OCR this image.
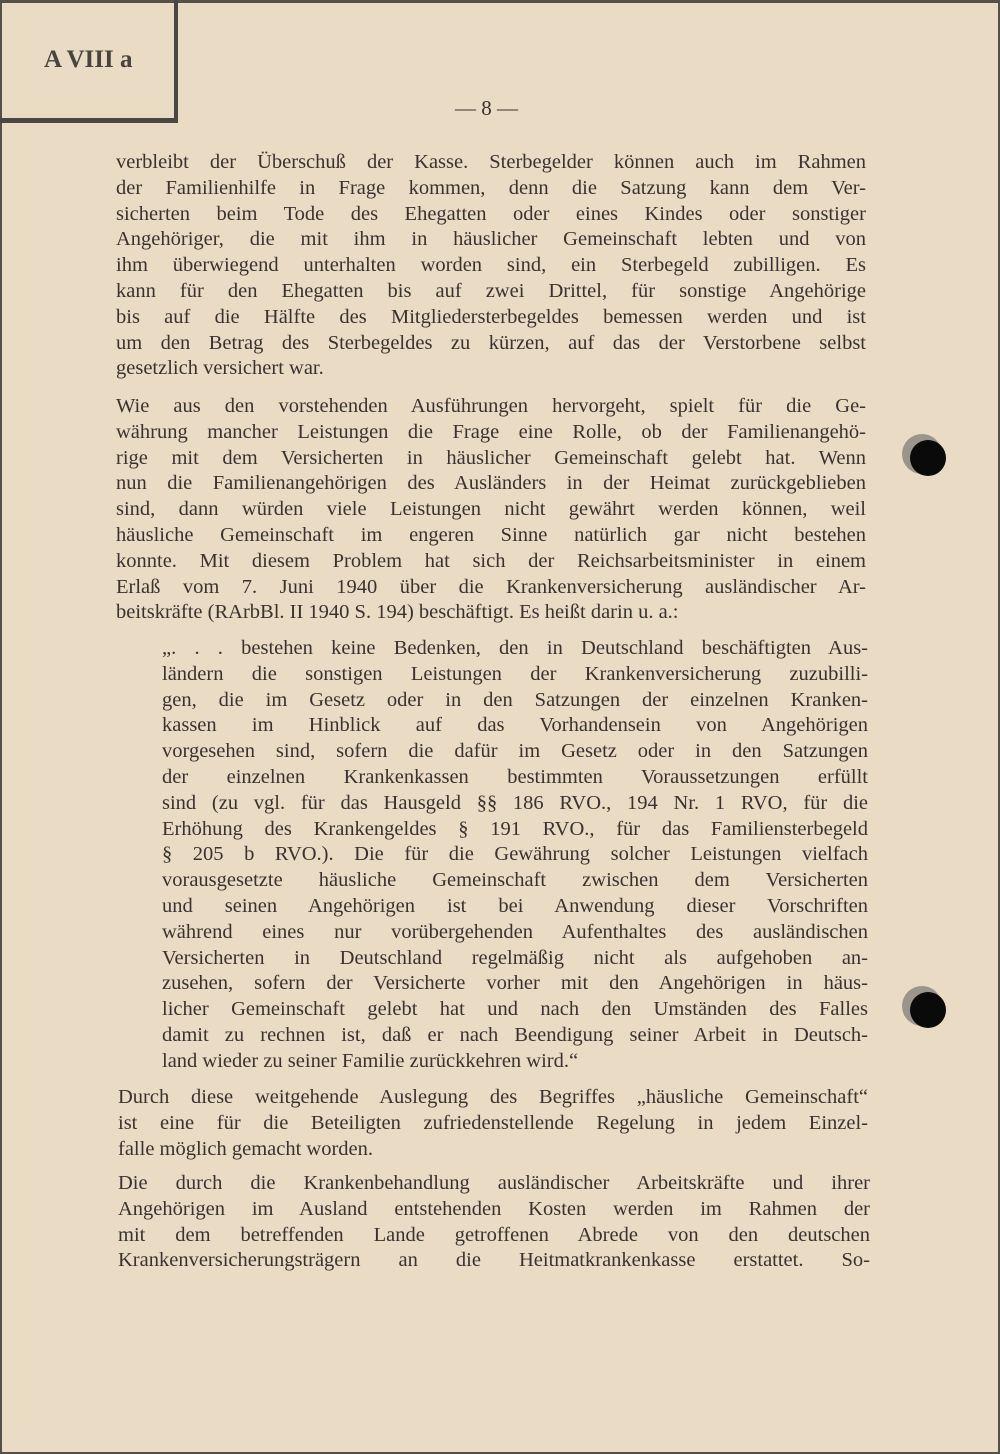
A VIII a
— 8 —
verbleibt der Überschuß der Kasse. Sterbegelder können auch im Rahmen
der Familienhilfe in Frage kommen, denn die Satzung kann dem Ver-
sicherten beim Tode des Ehegatten oder eines Kindes oder sonstiger
Angehöriger, die mit ihm in häuslicher Gemeinschaft lebten und von
ihm überwiegend unterhalten worden sind, ein Sterbegeld zubilligen. Es
kann für den Ehegatten bis auf zwei Drittel, für sonstige Angehörige
bis auf die Hälfte des Mitgliedersterbegeldes bemessen werden und ist
um den Betrag des Sterbegeldes zu kürzen, auf das der Verstorbene selbst
gesetzlich versichert war.
Wie aus den vorstehenden Ausführungen hervorgeht, spielt für die Ge-
währung mancher Leistungen die Frage eine Rolle, ob der Familienangehö-
rige mit dem Versicherten in häuslicher Gemeinschaft gelebt hat. Wenn
nun die Familienangehörigen des Ausländers in der Heimat zurückgeblieben
sind, dann würden viele Leistungen nicht gewährt werden können, weil
häusliche Gemeinschaft im engeren Sinne natürlich gar nicht bestehen
konnte. Mit diesem Problem hat sich der Reichsarbeitsminister in einem
Erlaß vom 7. Juni 1940 über die Krankenversicherung ausländischer Ar-
beitskräfte (RArbBl. II 1940 S. 194) beschäftigt. Es heißt darin u. a.:
„. . . bestehen keine Bedenken, den in Deutschland beschäftigten Aus-
ländern die sonstigen Leistungen der Krankenversicherung zuzubilli-
gen, die im Gesetz oder in den Satzungen der einzelnen Kranken-
kassen im Hinblick auf das Vorhandensein von Angehörigen
vorgesehen sind, sofern die dafür im Gesetz oder in den Satzungen
der einzelnen Krankenkassen bestimmten Voraussetzungen erfüllt
sind (zu vgl. für das Hausgeld §§ 186 RVO., 194 Nr. 1 RVO, für die
Erhöhung des Krankengeldes § 191 RVO., für das Familiensterbegeld
§ 205 b RVO.). Die für die Gewährung solcher Leistungen vielfach
vorausgesetzte häusliche Gemeinschaft zwischen dem Versicherten
und seinen Angehörigen ist bei Anwendung dieser Vorschriften
während eines nur vorübergehenden Aufenthaltes des ausländischen
Versicherten in Deutschland regelmäßig nicht als aufgehoben an-
zusehen, sofern der Versicherte vorher mit den Angehörigen in häus-
licher Gemeinschaft gelebt hat und nach den Umständen des Falles
damit zu rechnen ist, daß er nach Beendigung seiner Arbeit in Deutsch-
land wieder zu seiner Familie zurückkehren wird.“
Durch diese weitgehende Auslegung des Begriffes „häusliche Gemeinschaft“
ist eine für die Beteiligten zufriedenstellende Regelung in jedem Einzel-
falle möglich gemacht worden.
Die durch die Krankenbehandlung ausländischer Arbeitskräfte und ihrer
Angehörigen im Ausland entstehenden Kosten werden im Rahmen der
mit dem betreffenden Lande getroffenen Abrede von den deutschen
Krankenversicherungsträgern an die Heitmatkrankenkasse erstattet. So-
